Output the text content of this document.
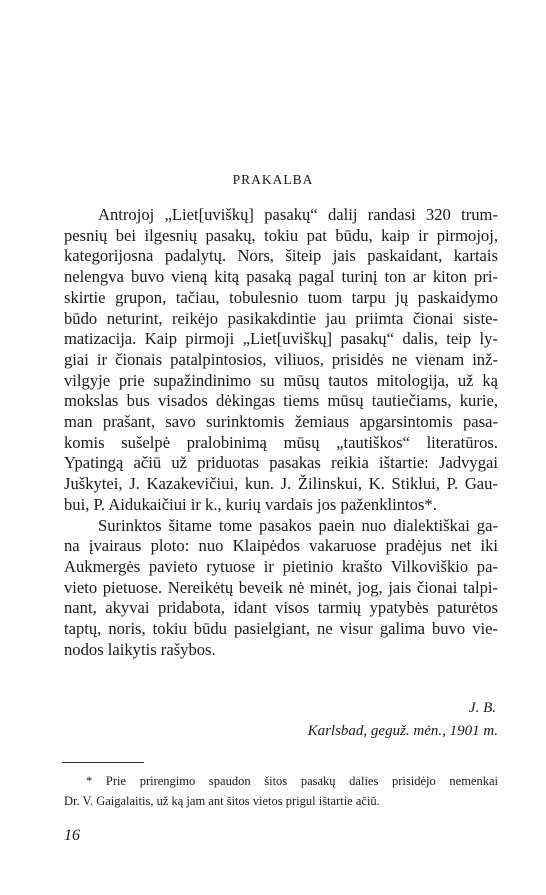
PRAKALBA

Antrojoj „Liet[uviškų] pasakų“ dalij randasi 320 trum-
pesnių bei ilgesnių pasakų, tokiu pat būdu, kaip ir pirmojoj,
kategorijosna padalytų. Nors, šiteip jais paskaidant, kartais
nelengva buvo vieną kitą pasaką pagal turinį ton ar kiton pri-
skirtie grupon, tačiau, tobulesnio tuom tarpu jų paskaidymo
būdo neturint, reikėjo pasikakdintie jau priimta čionai siste-
matizacija. Kaip pirmoji „Liet[uviškų] pasakų“ dalis, teip ly-
giai ir čionais patalpintosios, viliuos, prisidės ne vienam inž-
vilgyje prie supažindinimo su mūsų tautos mitologija, už ką
mokslas bus visados dėkingas tiems mūsų tautiečiams, kurie,
man prašant, savo surinktomis žemiaus apgarsintomis pasa-
komis sušelpė pralobinimą mūsų „tautiškos“ literatūros.
Ypatingą ačiū už priduotas pasakas reikia ištartie: Jadvygai
Juškytei, J. Kazakevičiui, kun. J. Žilinskui, K. Stiklui, P. Gau-
bui, P. Aidukaičiui ir k., kurių vardais jos paženklintos*.

Surinktos šitame tome pasakos paein nuo dialektiškai ga-
na įvairaus ploto: nuo Klaipėdos vakaruose pradėjus net iki
Aukmergės pavieto rytuose ir pietinio krašto Vilkoviškio pa-
vieto pietuose. Nereikėtų beveik nė minėt, jog, jais čionai talpi-
nant, akyvai pridabota, idant visos tarmių ypatybės paturėtos
taptų, noris, tokiu būdu pasielgiant, ne visur galima buvo vie-
nodos laikytis rašybos.

J. B.
Karlsbad, geguž. mėn., 1901 m.
* Prie prirengimo spaudon šitos pasakų dalies prisidėjo nemenkai
Dr. V. Gaigalaitis, už ką jam ant šitos vietos prigul ištartie ačiū.
16
